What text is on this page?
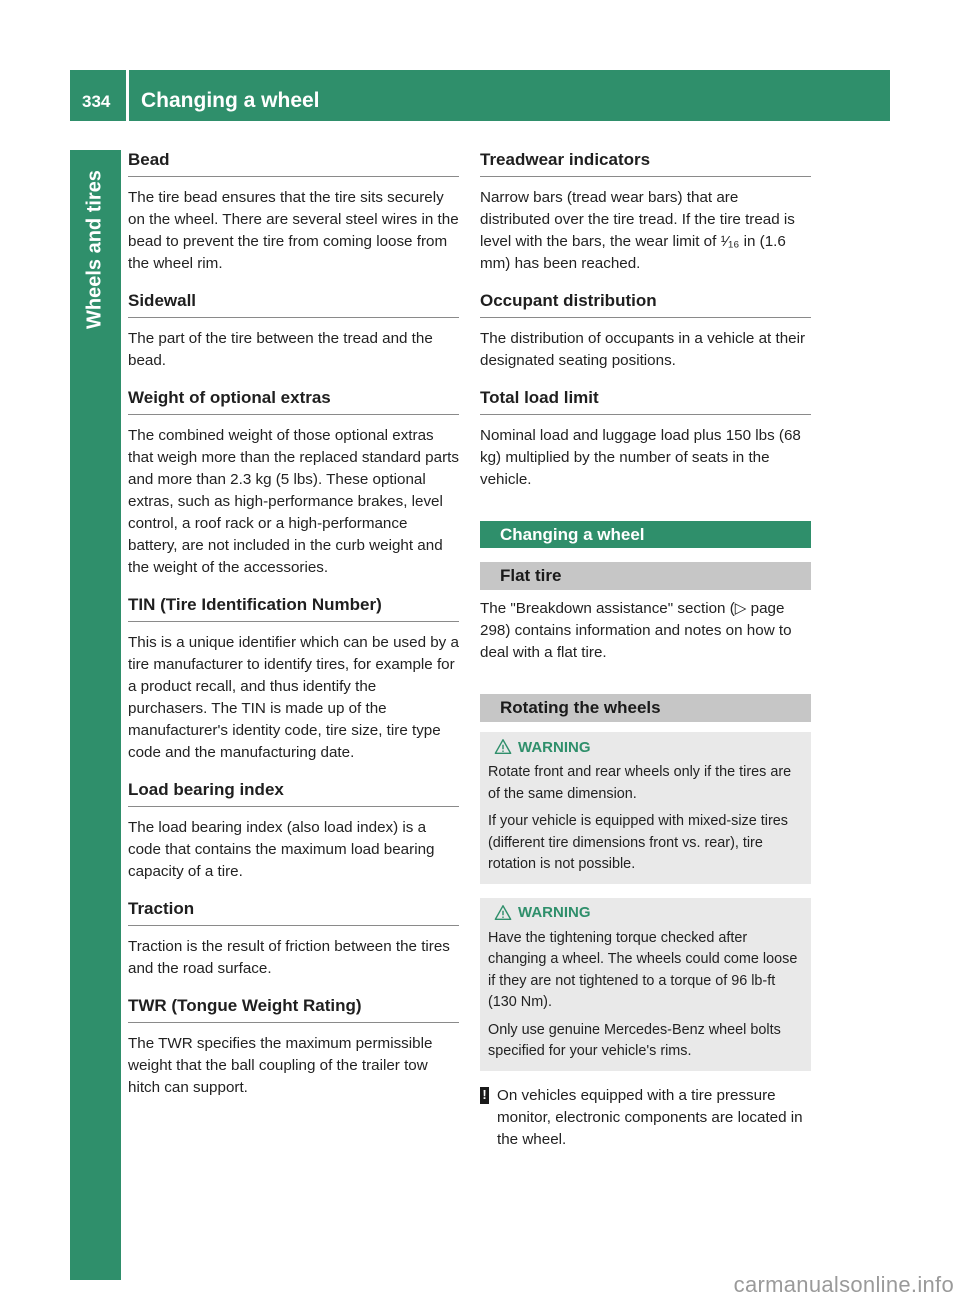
334	Changing a wheel
Wheels and tires
Bead

The tire bead ensures that the tire sits securely on the wheel. There are several steel wires in the bead to prevent the tire from coming loose from the wheel rim.

Sidewall

The part of the tire between the tread and the bead.

Weight of optional extras

The combined weight of those optional extras that weigh more than the replaced standard parts and more than 2.3 kg (5 lbs). These optional extras, such as high-performance brakes, level control, a roof rack or a high-performance battery, are not included in the curb weight and the weight of the accessories.

TIN (Tire Identification Number)

This is a unique identifier which can be used by a tire manufacturer to identify tires, for example for a product recall, and thus identify the purchasers. The TIN is made up of the manufacturer's identity code, tire size, tire type code and the manufacturing date.

Load bearing index

The load bearing index (also load index) is a code that contains the maximum load bearing capacity of a tire.

Traction

Traction is the result of friction between the tires and the road surface.

TWR (Tongue Weight Rating)

The TWR specifies the maximum permissible weight that the ball coupling of the trailer tow hitch can support.

Treadwear indicators

Narrow bars (tread wear bars) that are distributed over the tire tread. If the tire tread is level with the bars, the wear limit of ¹⁄₁₆ in (1.6 mm) has been reached.

Occupant distribution

The distribution of occupants in a vehicle at their designated seating positions.

Total load limit

Nominal load and luggage load plus 150 lbs (68 kg) multiplied by the number of seats in the vehicle.

Changing a wheel
Flat tire

The "Breakdown assistance" section (▷ page 298) contains information and notes on how to deal with a flat tire.

Rotating the wheels
WARNING

Rotate front and rear wheels only if the tires are of the same dimension.

If your vehicle is equipped with mixed-size tires (different tire dimensions front vs. rear), tire rotation is not possible.

WARNING

Have the tightening torque checked after changing a wheel. The wheels could come loose if they are not tightened to a torque of 96 lb-ft (130 Nm).

Only use genuine Mercedes-Benz wheel bolts specified for your vehicle's rims.

! On vehicles equipped with a tire pressure monitor, electronic components are located in the wheel.
carmanualsonline.info
